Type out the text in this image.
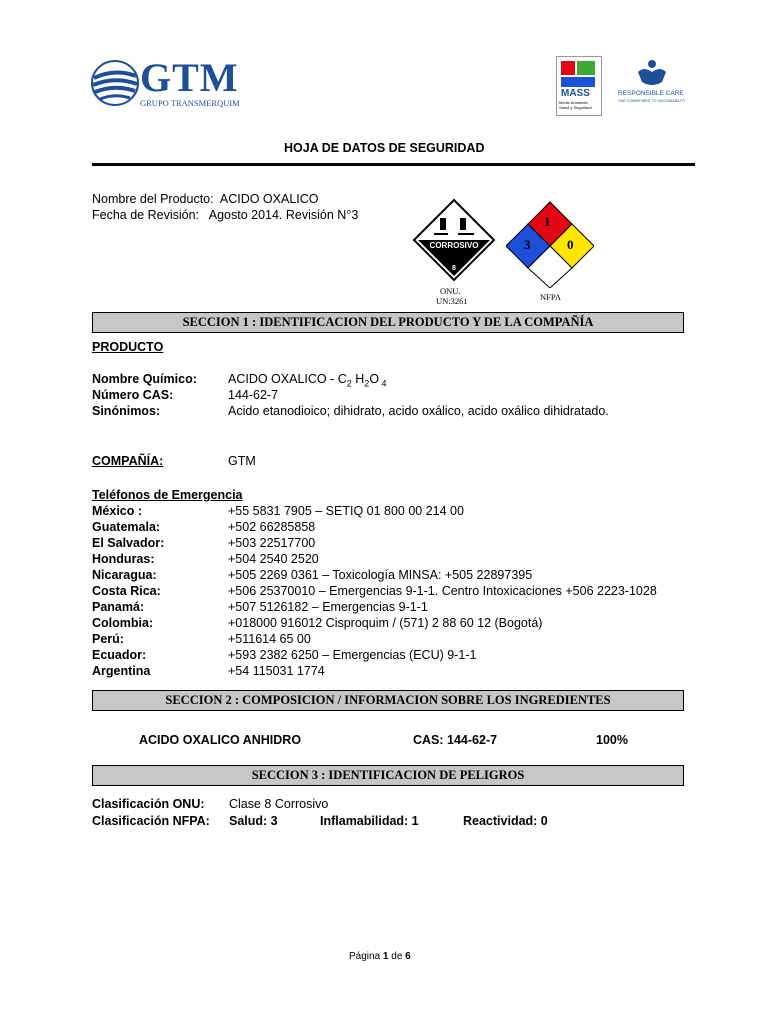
GTM
GRUPO TRANSMERQUIM
MASS
Medio Ambiente, Salud y Seguridad
RESPONSIBLE CARE
OUR COMMITMENT TO SUSTAINABILITY
HOJA DE DATOS DE SEGURIDAD
Nombre del Producto: ACIDO OXALICO
Fecha de Revisión: Agosto 2014. Revisión N°3
CORROSIVO
8
ONU.
UN:3261
1
3	0
NFPA
SECCION 1 : IDENTIFICACION DEL PRODUCTO Y DE LA COMPAÑÍA
PRODUCTO
Nombre Químico: ACIDO OXALICO - $C_2$ $H_2O$ $_4$
Número CAS:	144-62-7
Sinónimos:	Acido etanodioico; dihidrato, acido oxálico, acido oxálico dihidratado.
COMPAÑÍA:	GTM
Teléfonos de Emergencia
México :	+55 5831 7905 – SETIQ 01 800 00 214 00
Guatemala:	+502 66285858
El Salvador:	+503 22517700
Honduras:	+504 2540 2520
Nicaragua:	+505 2269 0361 – Toxicología MINSA: +505 22897395
Costa Rica:	+506 25370010 – Emergencias 9-1-1. Centro Intoxicaciones +506 2223-1028
Panamá:	+507 5126182 – Emergencias 9-1-1
Colombia:	+018000 916012 Cisproquim / (571) 2 88 60 12 (Bogotá)
Perú:	+511614 65 00
Ecuador:	+593 2382 6250 – Emergencias (ECU) 9-1-1
Argentina	+54 115031 1774
SECCION 2 : COMPOSICION / INFORMACION SOBRE LOS INGREDIENTES
ACIDO OXALICO ANHIDRO	CAS: 144-62-7	100%
SECCION 3 : IDENTIFICACION DE PELIGROS
Clasificación ONU: Clase 8 Corrosivo
Clasificación NFPA: Salud: 3	Inflamabilidad: 1	Reactividad: 0
Página 1 de 6
